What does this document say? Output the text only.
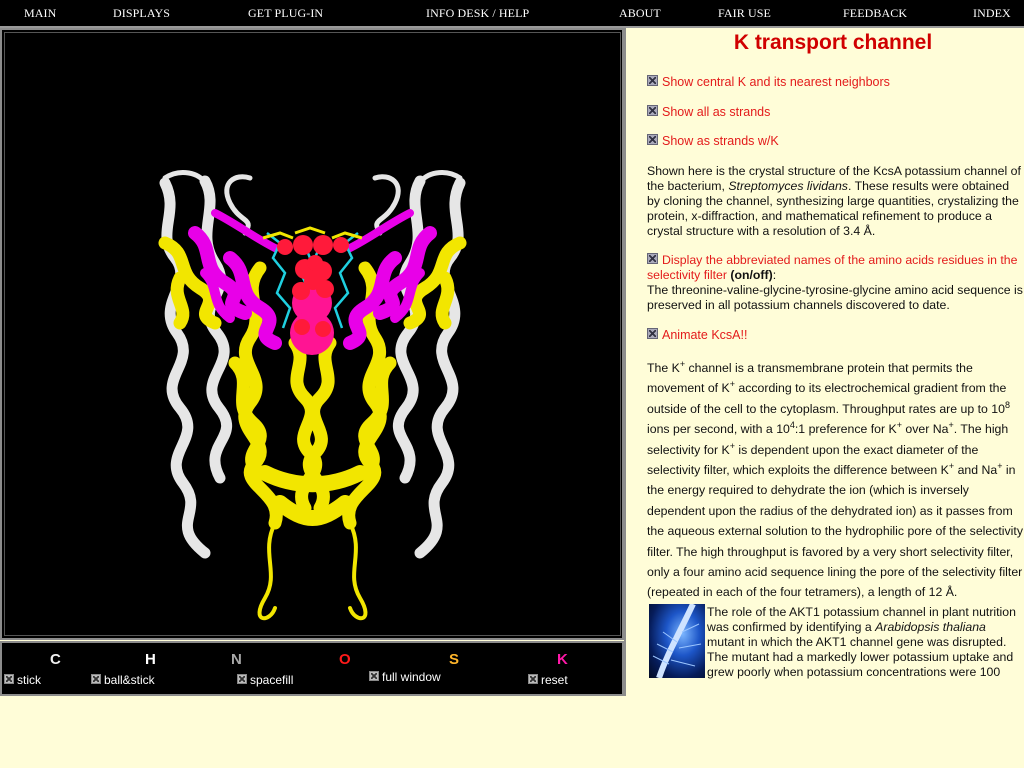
MAIN	DISPLAYS	GET PLUG-IN	INFO DESK / HELP	ABOUT	FAIR USE	FEEDBACK	INDEX
C	H	N	O	S	K
stick	ball&stick	spacefill	full window	reset
K transport channel
Show central K and its nearest neighbors
Show all as strands
Show as strands w/K
Shown here is the crystal structure of the KcsA potassium channel of the bacterium, Streptomyces lividans. These results were obtained by cloning the channel, synthesizing large quantities, crystalizing the protein, x-diffraction, and mathematical refinement to produce a crystal structure with a resolution of 3.4 Å.
Display the abbreviated names of the amino acids residues in the selectivity filter (on/off):
The threonine-valine-glycine-tyrosine-glycine amino acid sequence is preserved in all potassium channels discovered to date.
Animate KcsA!!
The K+ channel is a transmembrane protein that permits the movement of K+ according to its electrochemical gradient from the outside of the cell to the cytoplasm. Throughput rates are up to $10^8$ ions per second, with a $10^4:1$ preference for K+ over Na+. The high selectivity for K+ is dependent upon the exact diameter of the selectivity filter, which exploits the difference between K+ and Na+ in the energy required to dehydrate the ion (which is inversely dependent upon the radius of the dehydrated ion) as it passes from the aqueous external solution to the hydrophilic pore of the selectivity filter. The high throughput is favored by a very short selectivity filter, only a four amino acid sequence lining the pore of the selectivity filter (repeated in each of the four tetramers), a length of 12 Å.
The role of the AKT1 potassium channel in plant nutrition was confirmed by identifying a Arabidopsis thaliana mutant in which the AKT1 channel gene was disrupted. The mutant had a markedly lower potassium uptake and grew poorly when potassium concentrations were 100
